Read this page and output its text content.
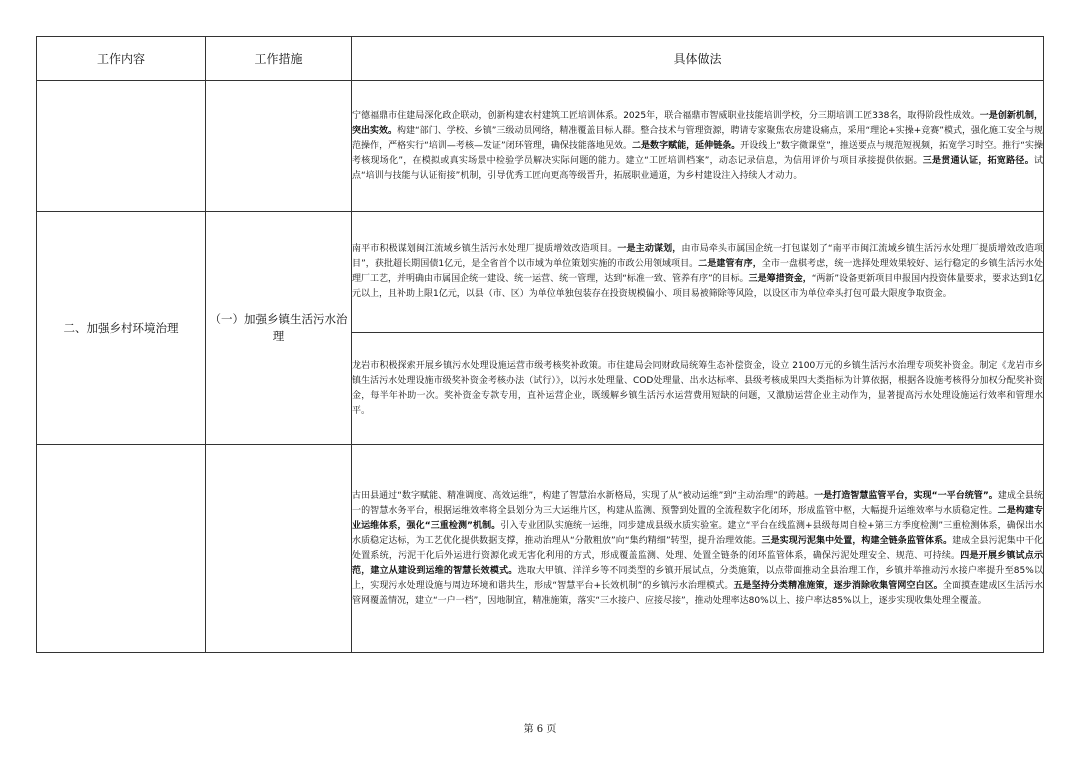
工作内容	工作措施	具体做法

		宁德福鼎市住建局深化政企联动，创新构建农村建筑工匠培训体系。2025年，联合福鼎市智威职业技能培训学校，分三期培训工匠338名，取得阶段性成效。一是创新机制，突出实效。构建“部门、学校、乡镇”三级动员网络，精准覆盖目标人群。整合技术与管理资源，聘请专家聚焦农房建设痛点，采用“理论+实操+竞赛”模式，强化施工安全与规范操作，严格实行“培训—考核—发证”闭环管理，确保技能落地见效。二是数字赋能，延伸链条。开设线上“数字微课堂”，推送要点与规范短视频，拓宽学习时空。推行“实操考核现场化”，在模拟或真实场景中检验学员解决实际问题的能力。建立“工匠培训档案”，动态记录信息，为信用评价与项目承接提供依据。三是贯通认证，拓宽路径。试点“培训与技能与认证衔接”机制，引导优秀工匠向更高等级晋升，拓展职业通道，为乡村建设注入持续人才动力。

二、加强乡村环境治理	（一）加强乡镇生活污水治理	南平市积极谋划闽江流域乡镇生活污水处理厂提质增效改造项目。一是主动谋划，由市局牵头市属国企统一打包谋划了“南平市闽江流域乡镇生活污水处理厂提质增效改造项目”，获批超长期国债1亿元，是全省首个以市域为单位策划实施的市政公用领域项目。二是建管有序，全市一盘棋考虑，统一选择处理效果较好、运行稳定的乡镇生活污水处理厂工艺，并明确由市属国企统一建设、统一运营、统一管理，达到“标准一致、管养有序”的目标。三是筹措资金，“两新”设备更新项目申报国内投资体量要求，要求达到1亿元以上，且补助上限1亿元，以县（市、区）为单位单独包装存在投资规模偏小、项目易被筛除等风险，以设区市为单位牵头打包可最大限度争取资金。

		龙岩市积极探索开展乡镇污水处理设施运营市级考核奖补政策。市住建局会同财政局统筹生态补偿资金，设立 2100万元的乡镇生活污水治理专项奖补资金。制定《龙岩市乡镇生活污水处理设施市级奖补资金考核办法（试行）》，以污水处理量、COD处理量、出水达标率、县级考核成果四大类指标为计算依据，根据各设施考核得分加权分配奖补资金，每半年补助一次。奖补资金专款专用，直补运营企业，既缓解乡镇生活污水运营费用短缺的问题，又激励运营企业主动作为，显著提高污水处理设施运行效率和管理水平。

		古田县通过“数字赋能、精准调度、高效运维”，构建了智慧治水新格局，实现了从“被动运维”到“主动治理”的跨越。一是打造智慧监管平台，实现“一平台统管”。建成全县统一的智慧水务平台，根据运维效率将全县划分为三大运维片区，构建从监测、预警到处置的全流程数字化闭环，形成监管中枢，大幅提升运维效率与水质稳定性。二是构建专业运维体系，强化“三重检测”机制。引入专业团队实施统一运维，同步建成县级水质实验室。建立“平台在线监测+县级每周自检+第三方季度检测”三重检测体系，确保出水水质稳定达标，为工艺优化提供数据支撑，推动治理从“分散粗放”向“集约精细”转型，提升治理效能。三是实现污泥集中处置，构建全链条监管体系。建成全县污泥集中干化处置系统，污泥干化后外运进行资源化或无害化利用的方式，形成覆盖监测、处理、处置全链条的闭环监管体系，确保污泥处理安全、规范、可持续。四是开展乡镇试点示范，建立从建设到运维的智慧长效模式。选取大甲镇、洋洋乡等不同类型的乡镇开展试点，分类施策，以点带面推动全县治理工作，乡镇并举推动污水接户率提升至85%以上，实现污水处理设施与周边环境和谐共生，形成“智慧平台+长效机制”的乡镇污水治理模式。五是坚持分类精准施策，逐步消除收集管网空白区。全面摸查建成区生活污水管网覆盖情况，建立“一户一档”，因地制宜，精准施策，落实“三水接户、应接尽接”，推动处理率达80%以上、接户率达85%以上，逐步实现收集处理全覆盖。
第 6 页
